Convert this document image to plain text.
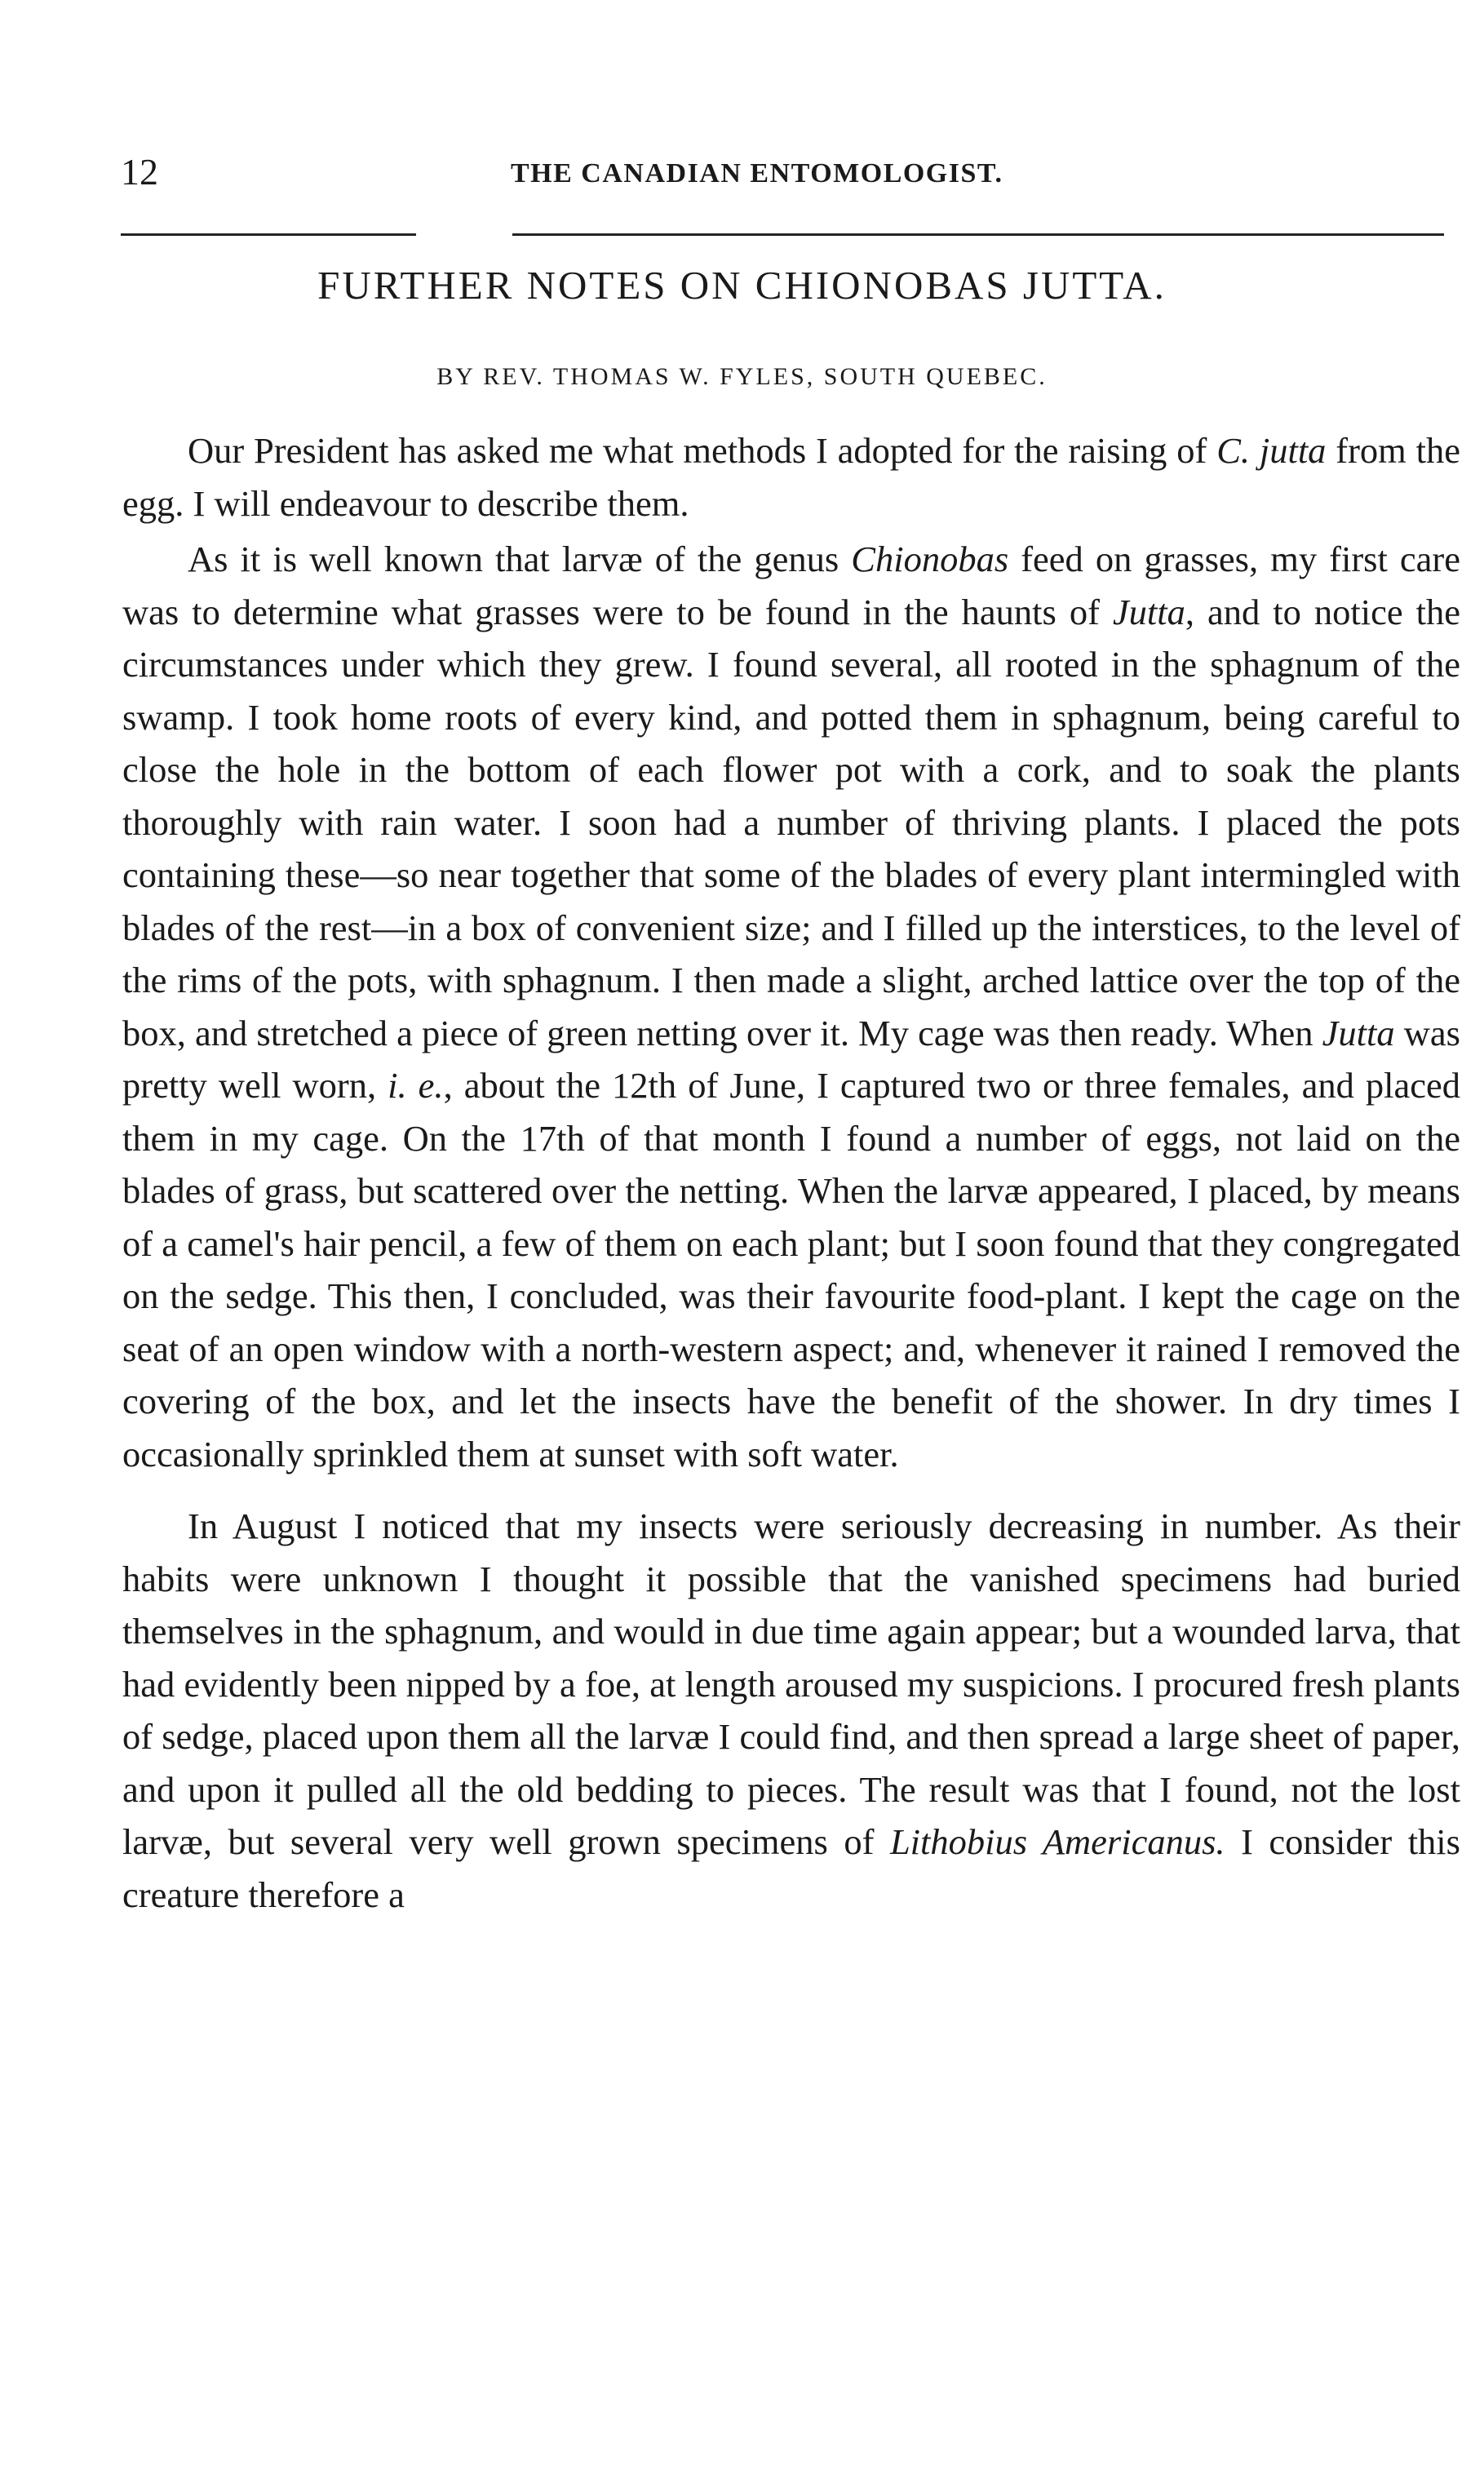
12	THE CANADIAN ENTOMOLOGIST.
FURTHER NOTES ON CHIONOBAS JUTTA.
BY REV. THOMAS W. FYLES, SOUTH QUEBEC.

Our President has asked me what methods I adopted for the raising of C. jutta from the egg. I will endeavour to describe them.

As it is well known that larvæ of the genus Chionobas feed on grasses, my first care was to determine what grasses were to be found in the haunts of Jutta, and to notice the circumstances under which they grew. I found several, all rooted in the sphagnum of the swamp. I took home roots of every kind, and potted them in sphagnum, being careful to close the hole in the bottom of each flower pot with a cork, and to soak the plants thoroughly with rain water. I soon had a number of thriving plants. I placed the pots containing these—so near together that some of the blades of every plant intermingled with blades of the rest—in a box of convenient size; and I filled up the interstices, to the level of the rims of the pots, with sphagnum. I then made a slight, arched lattice over the top of the box, and stretched a piece of green netting over it. My cage was then ready. When Jutta was pretty well worn, i. e., about the 12th of June, I captured two or three females, and placed them in my cage. On the 17th of that month I found a number of eggs, not laid on the blades of grass, but scattered over the netting. When the larvæ appeared, I placed, by means of a camel's hair pencil, a few of them on each plant; but I soon found that they congregated on the sedge. This then, I concluded, was their favourite food-plant. I kept the cage on the seat of an open window with a north-western aspect; and, whenever it rained I removed the covering of the box, and let the insects have the benefit of the shower. In dry times I occasionally sprinkled them at sunset with soft water.

In August I noticed that my insects were seriously decreasing in number. As their habits were unknown I thought it possible that the vanished specimens had buried themselves in the sphagnum, and would in due time again appear; but a wounded larva, that had evidently been nipped by a foe, at length aroused my suspicions. I procured fresh plants of sedge, placed upon them all the larvæ I could find, and then spread a large sheet of paper, and upon it pulled all the old bedding to pieces. The result was that I found, not the lost larvæ, but several very well grown specimens of Lithobius Americanus. I consider this creature therefore a
